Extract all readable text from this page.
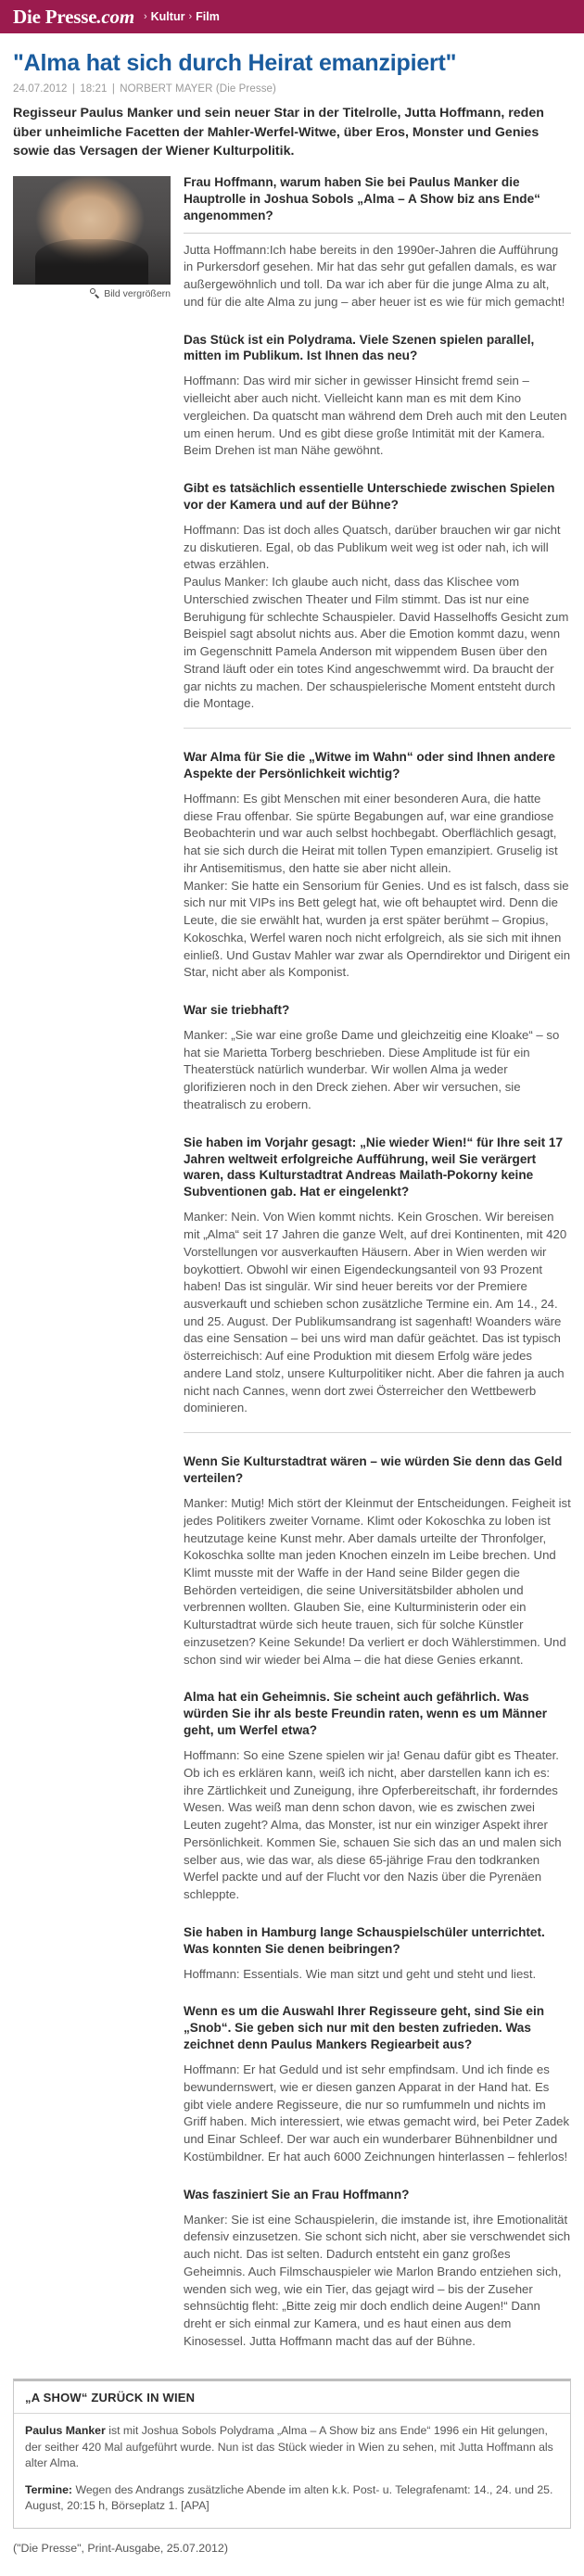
Die Presse.com › Kultur › Film
"Alma hat sich durch Heirat emanzipiert"
24.07.2012 | 18:21 | NORBERT MAYER (Die Presse)

Regisseur Paulus Manker und sein neuer Star in der Titelrolle, Jutta Hoffmann, reden über unheimliche Facetten der Mahler-Werfel-Witwe, über Eros, Monster und Genies sowie das Versagen der Wiener Kulturpolitik.

Bild vergrößern
Frau Hoffmann, warum haben Sie bei Paulus Manker die Hauptrolle in Joshua Sobols „Alma – A Show biz ans Ende“ angenommen?

Jutta Hoffmann:Ich habe bereits in den 1990er-Jahren die Aufführung in Purkersdorf gesehen. Mir hat das sehr gut gefallen damals, es war außergewöhnlich und toll. Da war ich aber für die junge Alma zu alt, und für die alte Alma zu jung – aber heuer ist es wie für mich gemacht!

Das Stück ist ein Polydrama. Viele Szenen spielen parallel, mitten im Publikum. Ist Ihnen das neu?

Hoffmann: Das wird mir sicher in gewisser Hinsicht fremd sein – vielleicht aber auch nicht. Vielleicht kann man es mit dem Kino vergleichen. Da quatscht man während dem Dreh auch mit den Leuten um einen herum. Und es gibt diese große Intimität mit der Kamera. Beim Drehen ist man Nähe gewöhnt.

Gibt es tatsächlich essentielle Unterschiede zwischen Spielen vor der Kamera und auf der Bühne?

Hoffmann: Das ist doch alles Quatsch, darüber brauchen wir gar nicht zu diskutieren. Egal, ob das Publikum weit weg ist oder nah, ich will etwas erzählen.

Paulus Manker: Ich glaube auch nicht, dass das Klischee vom Unterschied zwischen Theater und Film stimmt. Das ist nur eine Beruhigung für schlechte Schauspieler. David Hasselhoffs Gesicht zum Beispiel sagt absolut nichts aus. Aber die Emotion kommt dazu, wenn im Gegenschnitt Pamela Anderson mit wippendem Busen über den Strand läuft oder ein totes Kind angeschwemmt wird. Da braucht der gar nichts zu machen. Der schauspielerische Moment entsteht durch die Montage.

War Alma für Sie die „Witwe im Wahn“ oder sind Ihnen andere Aspekte der Persönlichkeit wichtig?

Hoffmann: Es gibt Menschen mit einer besonderen Aura, die hatte diese Frau offenbar. Sie spürte Begabungen auf, war eine grandiose Beobachterin und war auch selbst hochbegabt. Oberflächlich gesagt, hat sie sich durch die Heirat mit tollen Typen emanzipiert. Gruselig ist ihr Antisemitismus, den hatte sie aber nicht allein.

Manker: Sie hatte ein Sensorium für Genies. Und es ist falsch, dass sie sich nur mit VIPs ins Bett gelegt hat, wie oft behauptet wird. Denn die Leute, die sie erwählt hat, wurden ja erst später berühmt – Gropius, Kokoschka, Werfel waren noch nicht erfolgreich, als sie sich mit ihnen einließ. Und Gustav Mahler war zwar als Operndirektor und Dirigent ein Star, nicht aber als Komponist.

War sie triebhaft?

Manker: „Sie war eine große Dame und gleichzeitig eine Kloake“ – so hat sie Marietta Torberg beschrieben. Diese Amplitude ist für ein Theaterstück natürlich wunderbar. Wir wollen Alma ja weder glorifizieren noch in den Dreck ziehen. Aber wir versuchen, sie theatralisch zu erobern.

Sie haben im Vorjahr gesagt: „Nie wieder Wien!“ für Ihre seit 17 Jahren weltweit erfolgreiche Aufführung, weil Sie verärgert waren, dass Kulturstadtrat Andreas Mailath-Pokorny keine Subventionen gab. Hat er eingelenkt?

Manker: Nein. Von Wien kommt nichts. Kein Groschen. Wir bereisen mit „Alma“ seit 17 Jahren die ganze Welt, auf drei Kontinenten, mit 420 Vorstellungen vor ausverkauften Häusern. Aber in Wien werden wir boykottiert. Obwohl wir einen Eigendeckungsanteil von 93 Prozent haben! Das ist singulär. Wir sind heuer bereits vor der Premiere ausverkauft und schieben schon zusätzliche Termine ein. Am 14., 24. und 25. August. Der Publikumsandrang ist sagenhaft! Woanders wäre das eine Sensation – bei uns wird man dafür geächtet. Das ist typisch österreichisch: Auf eine Produktion mit diesem Erfolg wäre jedes andere Land stolz, unsere Kulturpolitiker nicht. Aber die fahren ja auch nicht nach Cannes, wenn dort zwei Österreicher den Wettbewerb dominieren.

Wenn Sie Kulturstadtrat wären – wie würden Sie denn das Geld verteilen?

Manker: Mutig! Mich stört der Kleinmut der Entscheidungen. Feigheit ist jedes Politikers zweiter Vorname. Klimt oder Kokoschka zu loben ist heutzutage keine Kunst mehr. Aber damals urteilte der Thronfolger, Kokoschka sollte man jeden Knochen einzeln im Leibe brechen. Und Klimt musste mit der Waffe in der Hand seine Bilder gegen die Behörden verteidigen, die seine Universitätsbilder abholen und verbrennen wollten. Glauben Sie, eine Kulturministerin oder ein Kulturstadtrat würde sich heute trauen, sich für solche Künstler einzusetzen? Keine Sekunde! Da verliert er doch Wählerstimmen. Und schon sind wir wieder bei Alma – die hat diese Genies erkannt.

Alma hat ein Geheimnis. Sie scheint auch gefährlich. Was würden Sie ihr als beste Freundin raten, wenn es um Männer geht, um Werfel etwa?

Hoffmann: So eine Szene spielen wir ja! Genau dafür gibt es Theater. Ob ich es erklären kann, weiß ich nicht, aber darstellen kann ich es: ihre Zärtlichkeit und Zuneigung, ihre Opferbereitschaft, ihr forderndes Wesen. Was weiß man denn schon davon, wie es zwischen zwei Leuten zugeht? Alma, das Monster, ist nur ein winziger Aspekt ihrer Persönlichkeit. Kommen Sie, schauen Sie sich das an und malen sich selber aus, wie das war, als diese 65-jährige Frau den todkranken Werfel packte und auf der Flucht vor den Nazis über die Pyrenäen schleppte.

Sie haben in Hamburg lange Schauspielschüler unterrichtet. Was konnten Sie denen beibringen?

Hoffmann: Essentials. Wie man sitzt und geht und steht und liest.

Wenn es um die Auswahl Ihrer Regisseure geht, sind Sie ein „Snob“. Sie geben sich nur mit den besten zufrieden. Was zeichnet denn Paulus Mankers Regiearbeit aus?

Hoffmann: Er hat Geduld und ist sehr empfindsam. Und ich finde es bewundernswert, wie er diesen ganzen Apparat in der Hand hat. Es gibt viele andere Regisseure, die nur so rumfummeln und nichts im Griff haben. Mich interessiert, wie etwas gemacht wird, bei Peter Zadek und Einar Schleef. Der war auch ein wunderbarer Bühnenbildner und Kostümbildner. Er hat auch 6000 Zeichnungen hinterlassen – fehlerlos!

Was fasziniert Sie an Frau Hoffmann?

Manker: Sie ist eine Schauspielerin, die imstande ist, ihre Emotionalität defensiv einzusetzen. Sie schont sich nicht, aber sie verschwendet sich auch nicht. Das ist selten. Dadurch entsteht ein ganz großes Geheimnis. Auch Filmschauspieler wie Marlon Brando entziehen sich, wenden sich weg, wie ein Tier, das gejagt wird – bis der Zuseher sehnsüchtig fleht: „Bitte zeig mir doch endlich deine Augen!“ Dann dreht er sich einmal zur Kamera, und es haut einen aus dem Kinosessel. Jutta Hoffmann macht das auf der Bühne.

„A SHOW“ ZURÜCK IN WIEN

Paulus Manker ist mit Joshua Sobols Polydrama „Alma – A Show biz ans Ende“ 1996 ein Hit gelungen, der seither 420 Mal aufgeführt wurde. Nun ist das Stück wieder in Wien zu sehen, mit Jutta Hoffmann als alter Alma.

Termine: Wegen des Andrangs zusätzliche Abende im alten k.k. Post- u. Telegrafenamt: 14., 24. und 25. August, 20:15 h, Börseplatz 1. [APA]

("Die Presse", Print-Ausgabe, 25.07.2012)
